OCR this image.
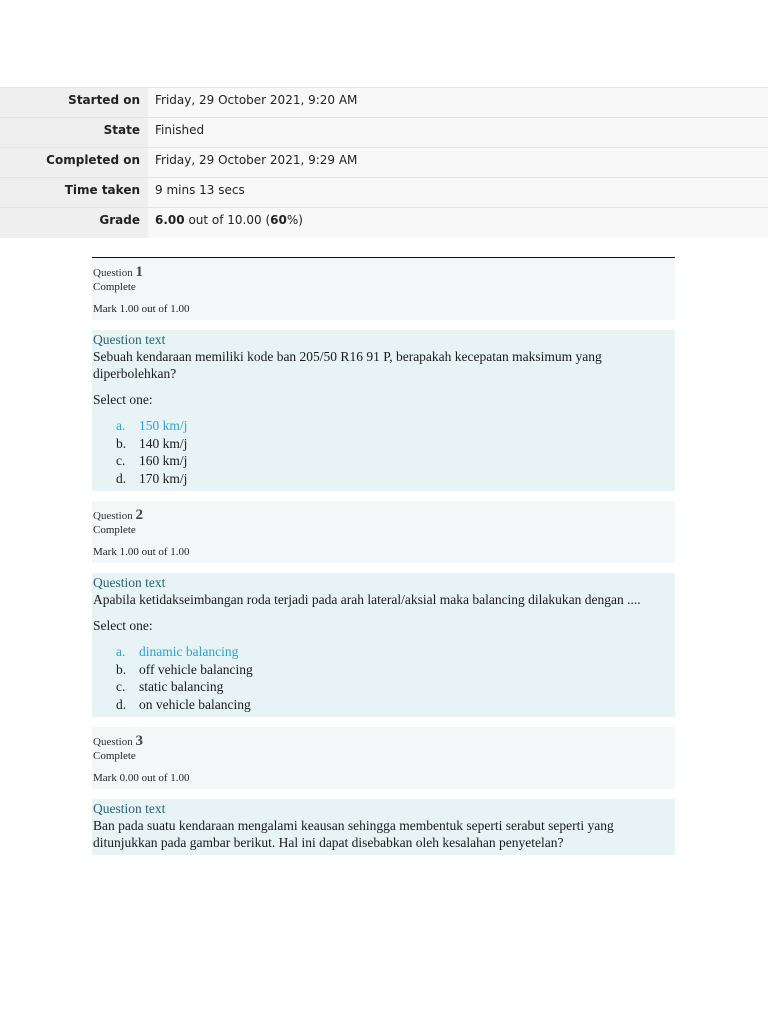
Started on	Friday, 29 October 2021, 9:20 AM
State	Finished
Completed on	Friday, 29 October 2021, 9:29 AM
Time taken	9 mins 13 secs
Grade	6.00 out of 10.00 (60%)
Question 1
Complete
Mark 1.00 out of 1.00
Question text
Sebuah kendaraan memiliki kode ban 205/50 R16 91 P, berapakah kecepatan maksimum yang diperbolehkan?
Select one:
a.	150 km/j
b. 140 km/j
c.	160 km/j
d. 170 km/j
Question 2
Complete
Mark 1.00 out of 1.00
Question text
Apabila ketidakseimbangan roda terjadi pada arah lateral/aksial maka balancing dilakukan dengan ....
Select one:
a.	dinamic balancing
b. off vehicle balancing
c.	static balancing
d. on vehicle balancing
Question 3
Complete
Mark 0.00 out of 1.00
Question text
Ban pada suatu kendaraan mengalami keausan sehingga membentuk seperti serabut seperti yang ditunjukkan pada gambar berikut. Hal ini dapat disebabkan oleh kesalahan penyetelan?
